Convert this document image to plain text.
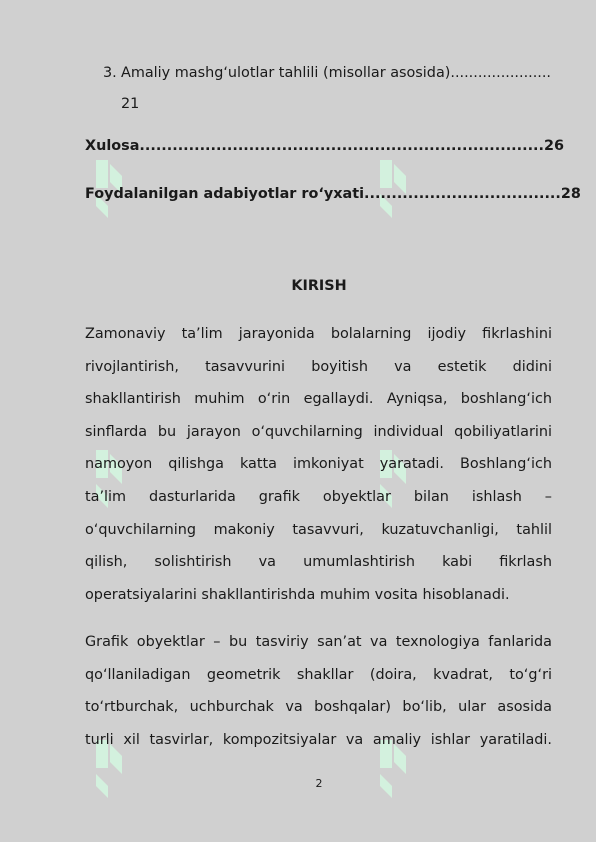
3. Amaliy mashg‘ulotlar tahlili (misollar asosida)......................
21
Xulosa..........................................................................26
Foydalanilgan adabiyotlar ro‘yxati....................................28
KIRISH
Zamonaviy ta’lim jarayonida bolalarning ijodiy fikrlashini
rivojlantirish, tasavvurini boyitish va estetik didini
shakllantirish muhim o‘rin egallaydi. Ayniqsa, boshlang‘ich
sinflarda bu jarayon o‘quvchilarning individual qobiliyatlarini
namoyon qilishga katta imkoniyat yaratadi. Boshlang‘ich
ta’lim dasturlarida grafik obyektlar bilan ishlash –
o‘quvchilarning makoniy tasavvuri, kuzatuvchanligi, tahlil
qilish, solishtirish va umumlashtirish kabi fikrlash
operatsiyalarini shakllantirishda muhim vosita hisoblanadi.
Grafik obyektlar – bu tasviriy san’at va texnologiya fanlarida
qo‘llaniladigan geometrik shakllar (doira, kvadrat, to‘g‘ri
to‘rtburchak, uchburchak va boshqalar) bo‘lib, ular asosida
turli xil tasvirlar, kompozitsiyalar va amaliy ishlar yaratiladi.
2
